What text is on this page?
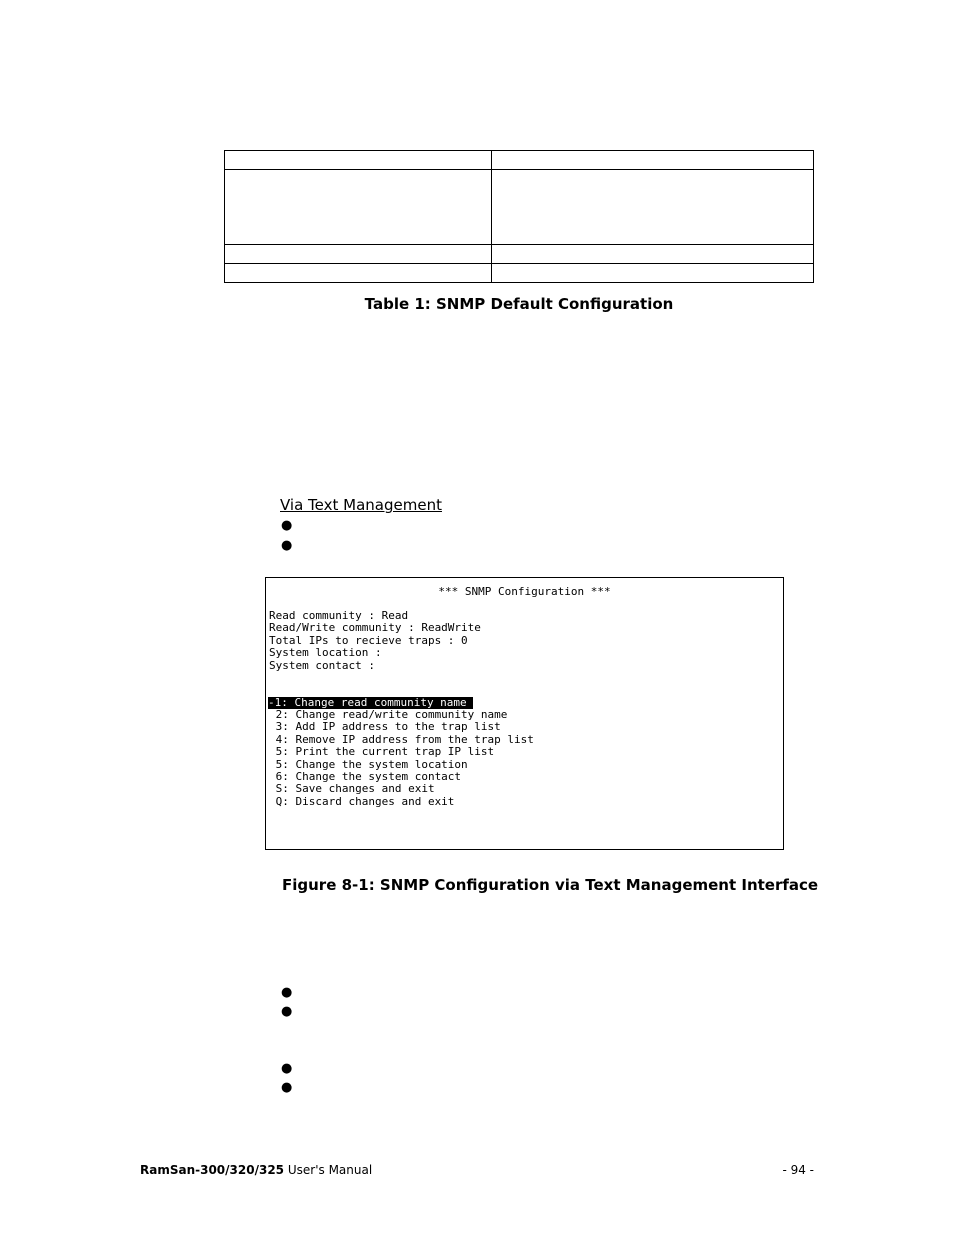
Table 1: SNMP Default Configuration
Via Text Management
●
●
*** SNMP Configuration ***
Read community : Read
Read/Write community : ReadWrite
Total IPs to recieve traps : 0
System location :
System contact :
-1: Change read community name
2: Change read/write community name
3: Add IP address to the trap list
4: Remove IP address from the trap list
5: Print the current trap IP list
5: Change the system location
6: Change the system contact
S: Save changes and exit
Q: Discard changes and exit
Figure 8-1: SNMP Configuration via Text Management Interface
●
●
●
●
RamSan-300/320/325 User's Manual	- 94 -
